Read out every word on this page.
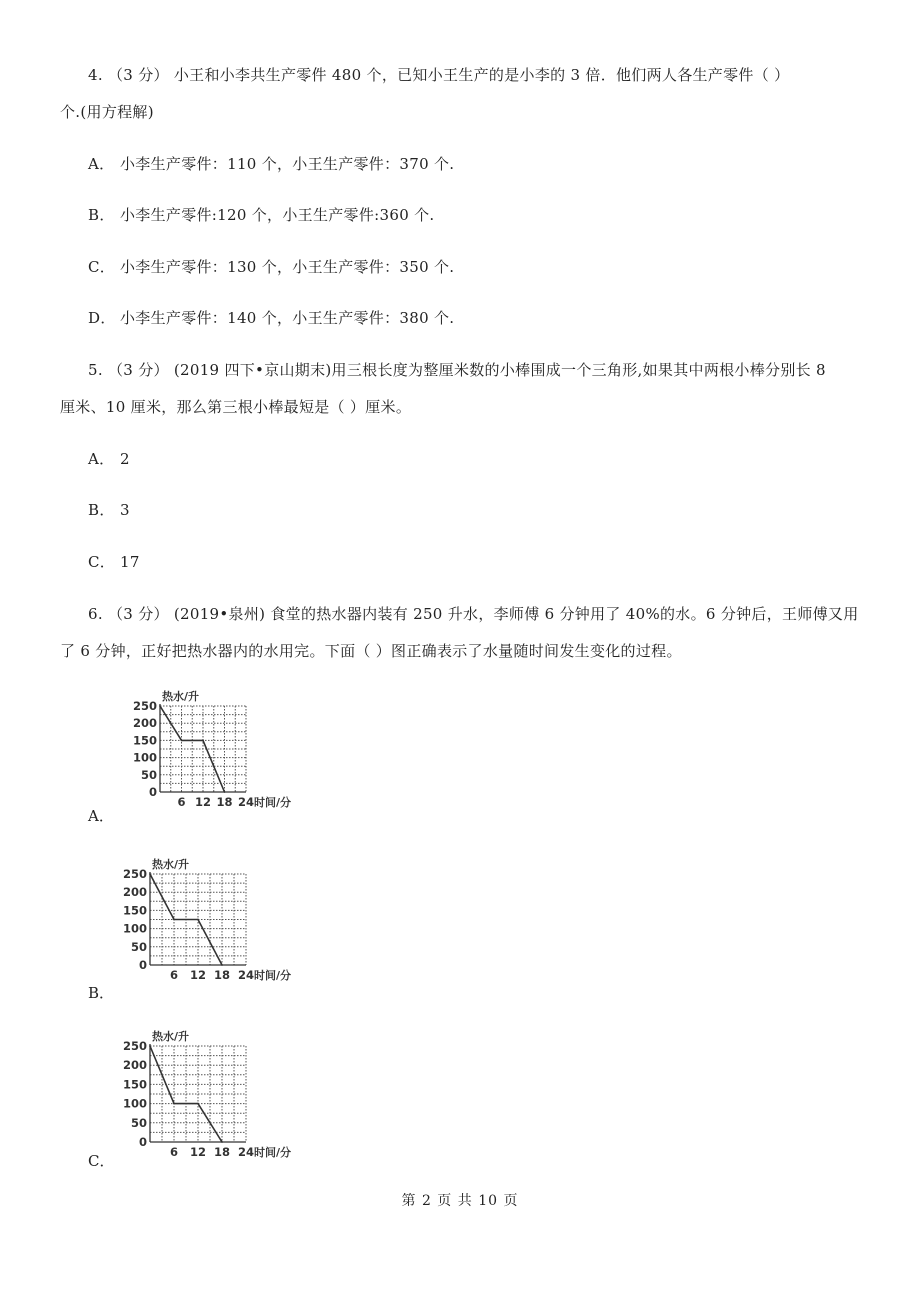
4. （3 分） 小王和小李共生产零件 480 个，已知小王生产的是小李的 3 倍．他们两人各生产零件（ ）
个.(用方程解)
A． 小李生产零件：110 个，小王生产零件：370 个.
B． 小李生产零件:120 个，小王生产零件:360 个.
C． 小李生产零件：130 个，小王生产零件：350 个.
D． 小李生产零件：140 个，小王生产零件：380 个.
5. （3 分） (2019 四下•京山期末)用三根长度为整厘米数的小棒围成一个三角形,如果其中两根小棒分别长 8
厘米、10 厘米，那么第三根小棒最短是（ ）厘米。
A． 2
B． 3
C． 17
6. （3 分） (2019•泉州) 食堂的热水器内装有 250 升水，李师傅 6 分钟用了 40%的水。6 分钟后，王师傅又用
了 6 分钟，正好把热水器内的水用完。下面（ ）图正确表示了水量随时间发生变化的过程。
热水/升
0
50
100
150
200
250
6 12 18 24 时间/分
A．
热水/升
0
50
100
150
200
250
6 12 18 24 时间/分
B．
热水/升
0
50
100
150
200
250
6 12 18 24 时间/分
C．
第 2 页 共 10 页
